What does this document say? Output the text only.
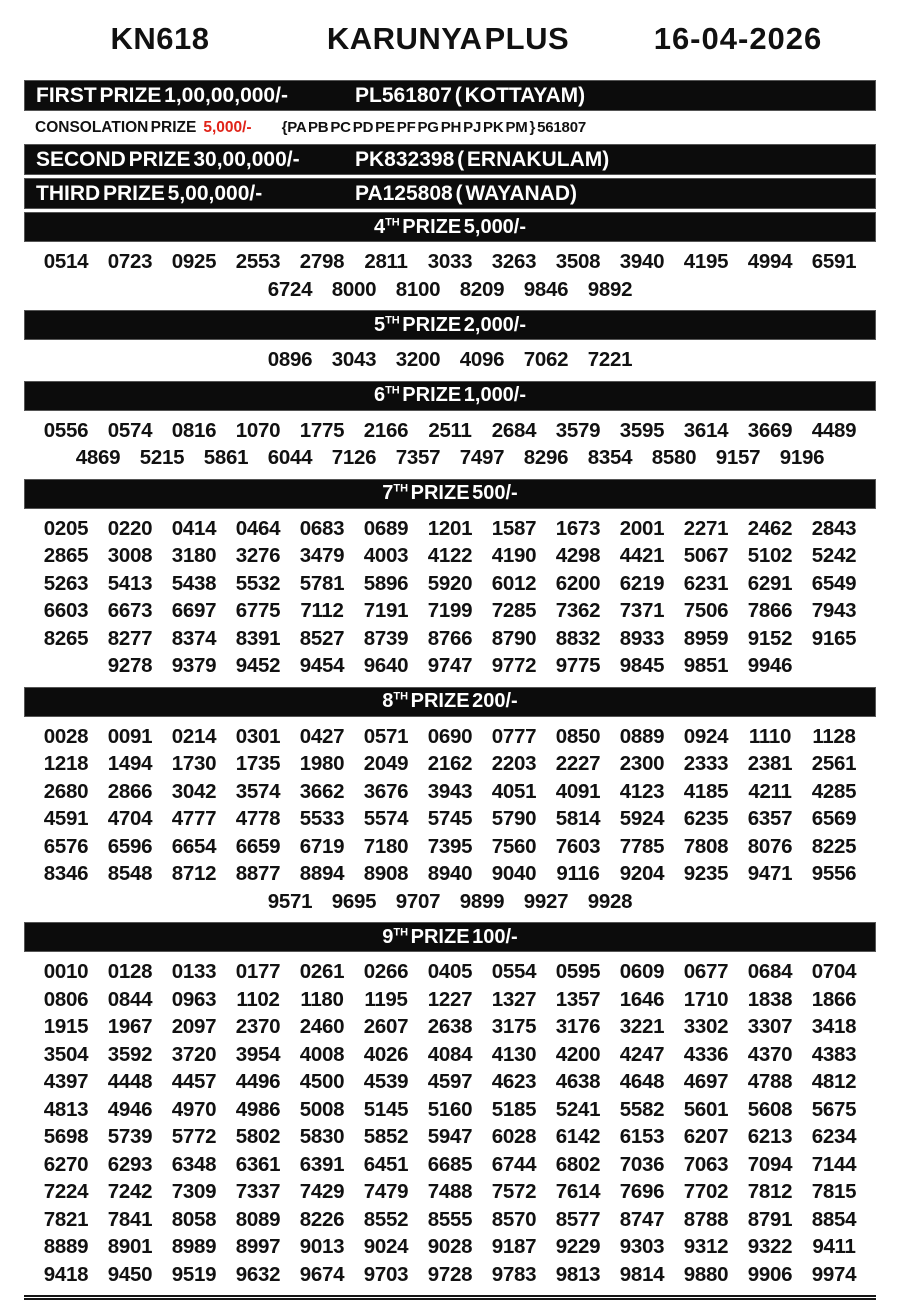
KN618	KARUNYA PLUS	16-04-2026
FIRST PRIZE 1,00,00,000/-	PL561807 ( KOTTAYAM)
CONSOLATION PRIZE 5,000/- {PA PB PC PD PE PF PG PH PJ PK PM } 561807
SECOND PRIZE 30,00,000/-	PK832398 ( ERNAKULAM)
THIRD PRIZE 5,00,000/-	PA125808 ( WAYANAD)
4TH PRIZE 5,000/-
0514 0723 0925 2553 2798 2811 3033 3263 3508 3940 4195 4994 6591
6724 8000 8100 8209 9846 9892
5TH PRIZE 2,000/-
0896 3043 3200 4096 7062 7221
6TH PRIZE 1,000/-
0556 0574 0816 1070 1775 2166 2511 2684 3579 3595 3614 3669 4489
4869 5215 5861 6044 7126 7357 7497 8296 8354 8580 9157 9196
7TH PRIZE 500/-
0205 0220 0414 0464 0683 0689 1201 1587 1673 2001 2271 2462 2843
2865 3008 3180 3276 3479 4003 4122 4190 4298 4421 5067 5102 5242
5263 5413 5438 5532 5781 5896 5920 6012 6200 6219 6231 6291 6549
6603 6673 6697 6775 7112 7191 7199 7285 7362 7371 7506 7866 7943
8265 8277 8374 8391 8527 8739 8766 8790 8832 8933 8959 9152 9165
9278 9379 9452 9454 9640 9747 9772 9775 9845 9851 9946
8TH PRIZE 200/-
0028 0091 0214 0301 0427 0571 0690 0777 0850 0889 0924	1110	1128
1218 1494 1730 1735 1980 2049 2162 2203 2227 2300 2333 2381 2561
2680 2866 3042 3574 3662 3676 3943 4051 4091 4123 4185 4211 4285
4591 4704 4777 4778 5533 5574 5745 5790 5814 5924 6235 6357 6569
6576 6596 6654 6659 6719 7180 7395 7560 7603 7785 7808 8076 8225
8346 8548 8712 8877 8894 8908 8940 9040 9116 9204 9235 9471 9556
9571 9695 9707 9899 9927 9928
9TH PRIZE 100/-
0010 0128 0133 0177 0261 0266 0405 0554 0595 0609 0677 0684 0704
0806 0844 0963 1102	1180	1195 1227 1327 1357 1646 1710 1838 1866
1915 1967 2097 2370 2460 2607 2638 3175 3176 3221 3302 3307 3418
3504 3592 3720 3954 4008 4026 4084 4130 4200 4247 4336 4370 4383
4397 4448 4457 4496 4500 4539 4597 4623 4638 4648 4697 4788 4812
4813 4946 4970 4986 5008 5145 5160 5185 5241 5582 5601 5608 5675
5698 5739 5772 5802 5830 5852 5947 6028 6142 6153 6207 6213 6234
6270 6293 6348 6361 6391 6451 6685 6744 6802 7036 7063 7094 7144
7224 7242 7309 7337 7429 7479 7488 7572 7614 7696 7702 7812 7815
7821 7841 8058 8089 8226 8552 8555 8570 8577 8747 8788 8791 8854
8889 8901 8989 8997 9013 9024 9028 9187 9229 9303 9312 9322 9411
9418 9450 9519 9632 9674 9703 9728 9783 9813 9814 9880 9906 9974
